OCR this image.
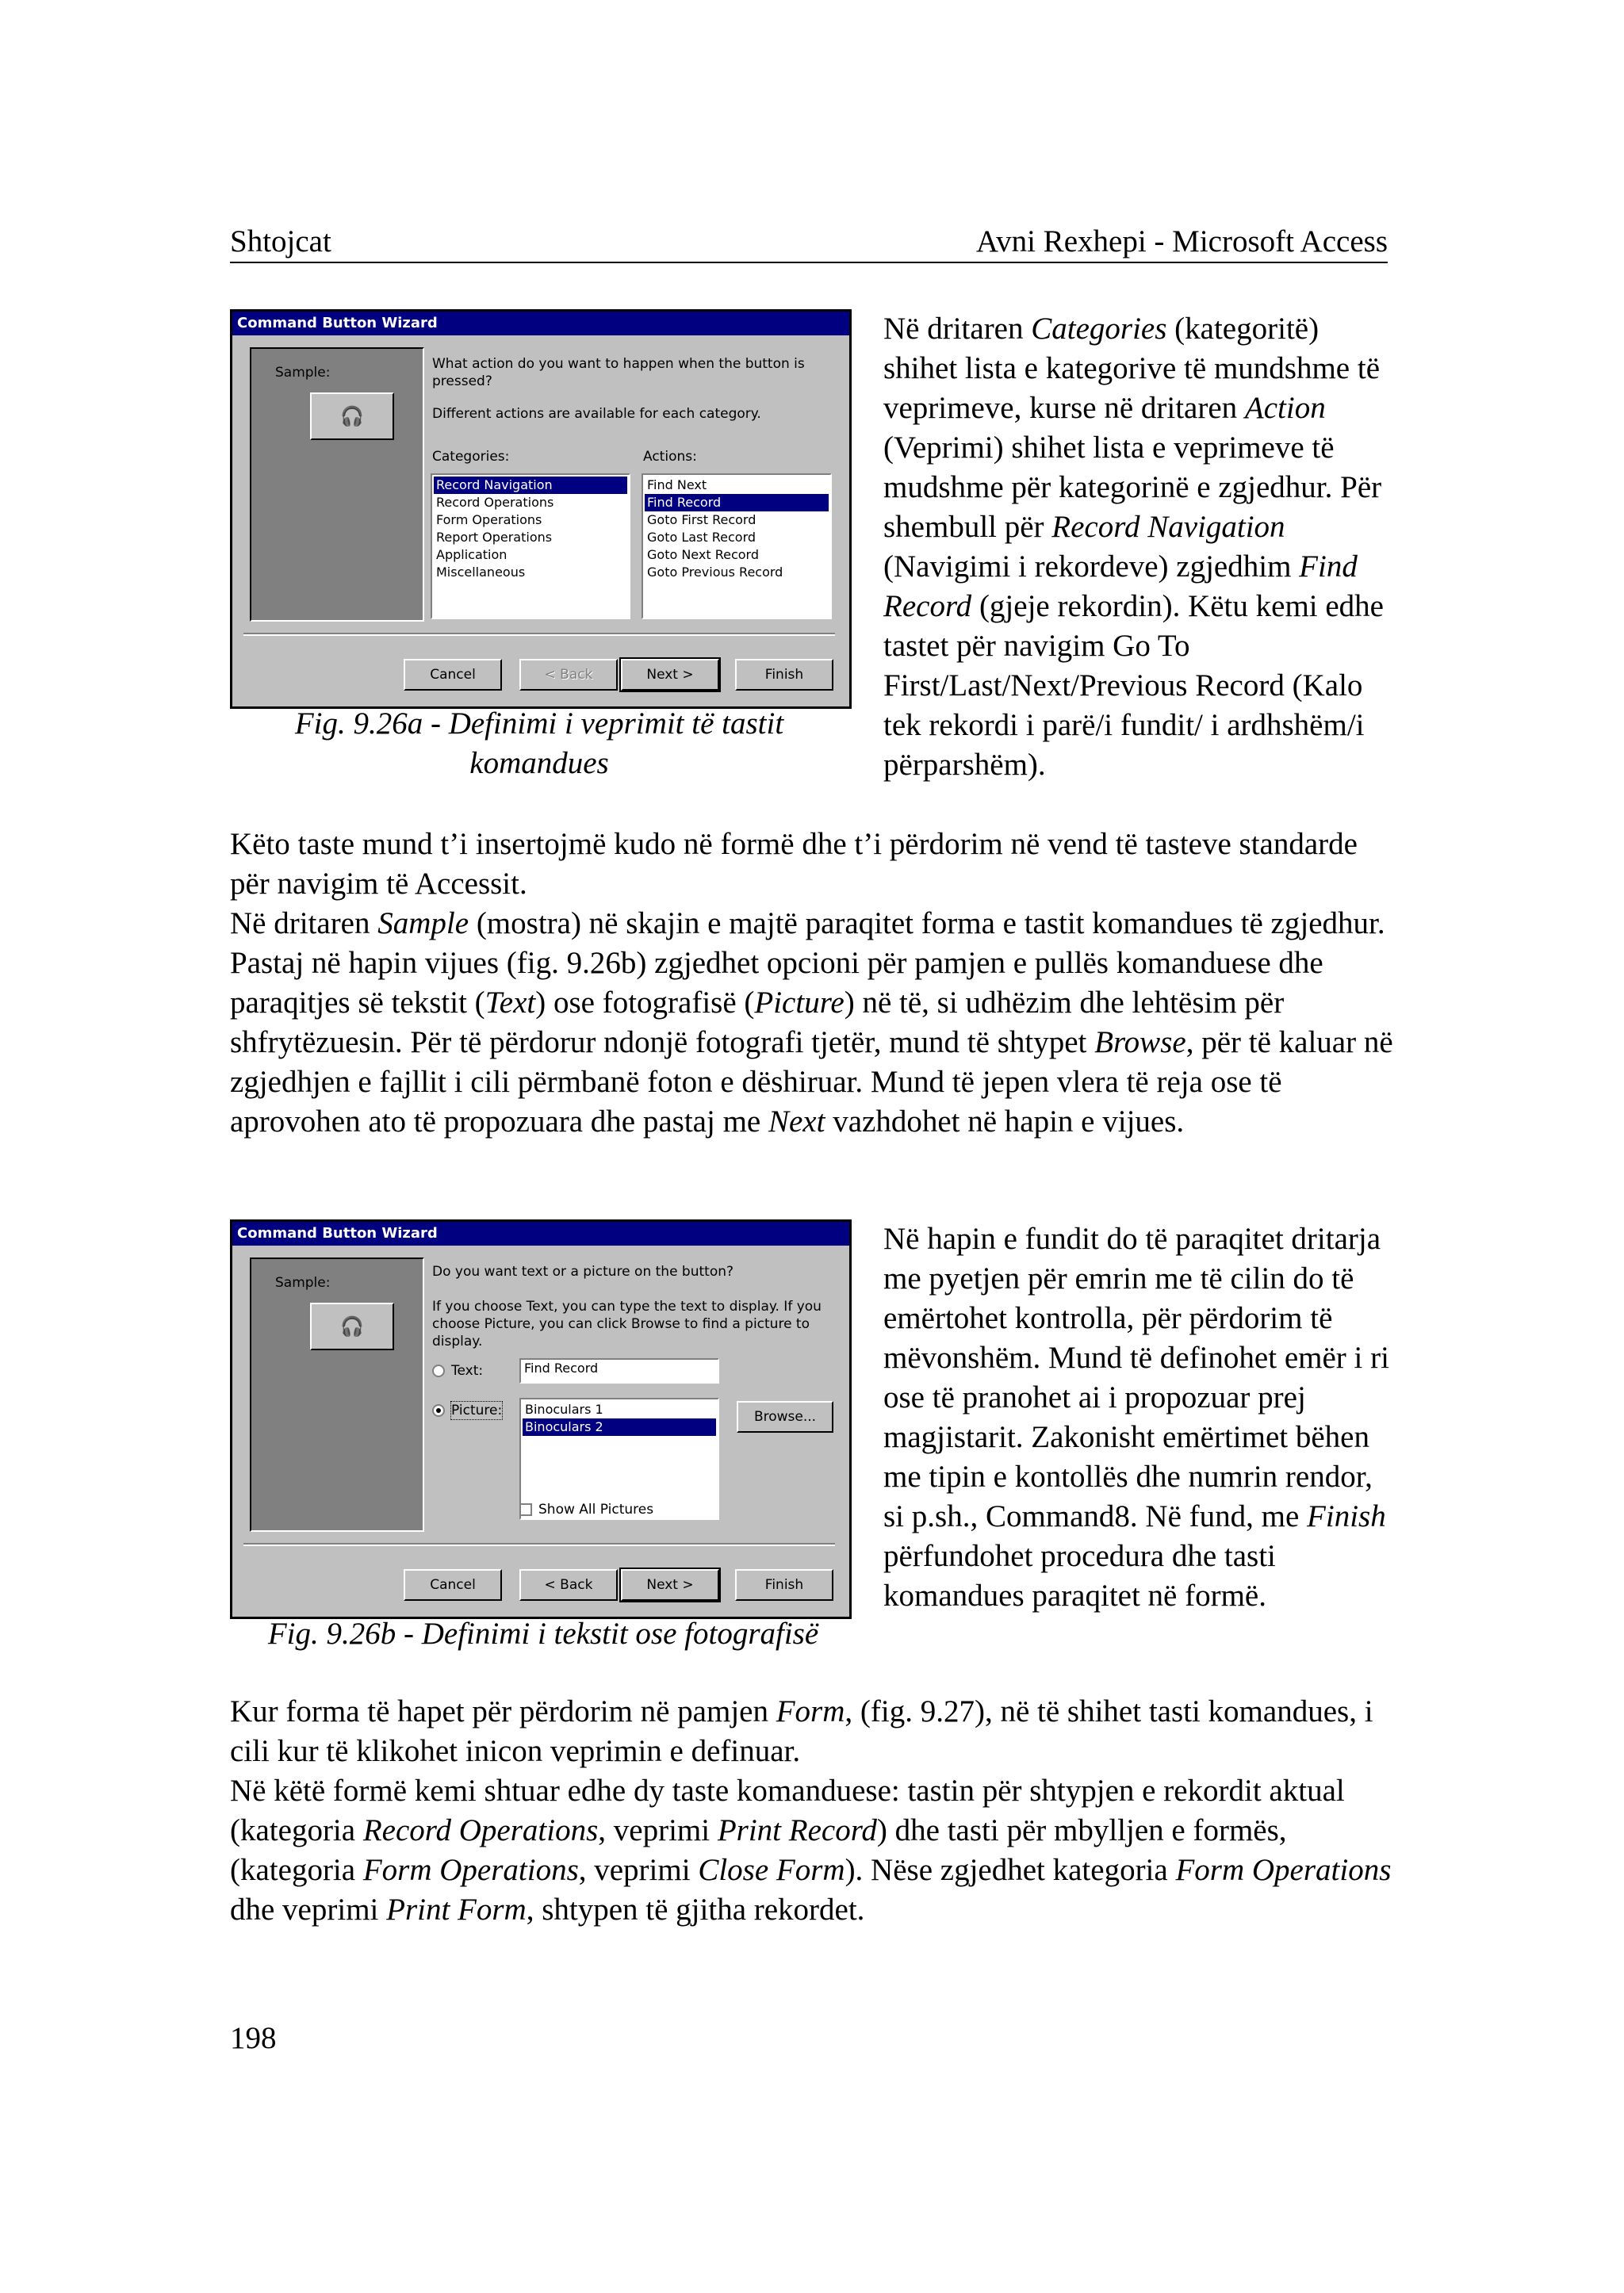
Shtojcat	Avni Rexhepi - Microsoft Access
Command Button Wizard
Sample:
🎧
What action do you want to happen when the button is pressed?
Different actions are available for each category.
Categories:	Actions:
Record Navigation
Record Operations
Form Operations
Report Operations
Application
Miscellaneous
Find Next
Find Record
Goto First Record
Goto Last Record
Goto Next Record
Goto Previous Record
Cancel	< Back	Next >	Finish
Fig. 9.26a - Definimi i veprimit të tastit komandues

Në dritaren Categories (kategoritë) shihet lista e kategorive të mundshme të veprimeve, kurse në dritaren Action (Veprimi) shihet lista e veprimeve të mudshme për kategorinë e zgjedhur. Për shembull për Record Navigation (Navigimi i rekordeve) zgjedhim Find Record (gjeje rekordin). Këtu kemi edhe tastet për navigim Go To First/Last/Next/Previous Record (Kalo tek rekordi i parë/i fundit/ i ardhshëm/i përparshëm).

Këto taste mund t’i insertojmë kudo në formë dhe t’i përdorim në vend të tasteve standarde për navigim të Accessit.

Në dritaren Sample (mostra) në skajin e majtë paraqitet forma e tastit komandues të zgjedhur. Pastaj në hapin vijues (fig. 9.26b) zgjedhet opcioni për pamjen e pullës komanduese dhe paraqitjes së tekstit (Text) ose fotografisë (Picture) në të, si udhëzim dhe lehtësim për shfrytëzuesin. Për të përdorur ndonjë fotografi tjetër, mund të shtypet Browse, për të kaluar në zgjedhjen e fajllit i cili përmbanë foton e dëshiruar. Mund të jepen vlera të reja ose të aprovohen ato të propozuara dhe pastaj me Next vazhdohet në hapin e vijues.

Command Button Wizard
Sample:
🎧
Do you want text or a picture on the button?
If you choose Text, you can type the text to display. If you choose Picture, you can click Browse to find a picture to display.
Text:	Find Record
Picture: Binoculars 1
Binoculars 2
Browse...
Show All Pictures
Cancel	< Back	Next >	Finish
Fig. 9.26b - Definimi i tekstit ose fotografisë

Në hapin e fundit do të paraqitet dritarja me pyetjen për emrin me të cilin do të emërtohet kontrolla, për përdorim të mëvonshëm. Mund të definohet emër i ri ose të pranohet ai i propozuar prej magjistarit. Zakonisht emërtimet bëhen me tipin e kontollës dhe numrin rendor, si p.sh., Command8. Në fund, me Finish përfundohet procedura dhe tasti komandues paraqitet në formë.

Kur forma të hapet për përdorim në pamjen Form, (fig. 9.27), në të shihet tasti komandues, i cili kur të klikohet inicon veprimin e definuar.

Në këtë formë kemi shtuar edhe dy taste komanduese: tastin për shtypjen e rekordit aktual (kategoria Record Operations, veprimi Print Record) dhe tasti për mbylljen e formës, (kategoria Form Operations, veprimi Close Form). Nëse zgjedhet kategoria Form Operations dhe veprimi Print Form, shtypen të gjitha rekordet.

198
